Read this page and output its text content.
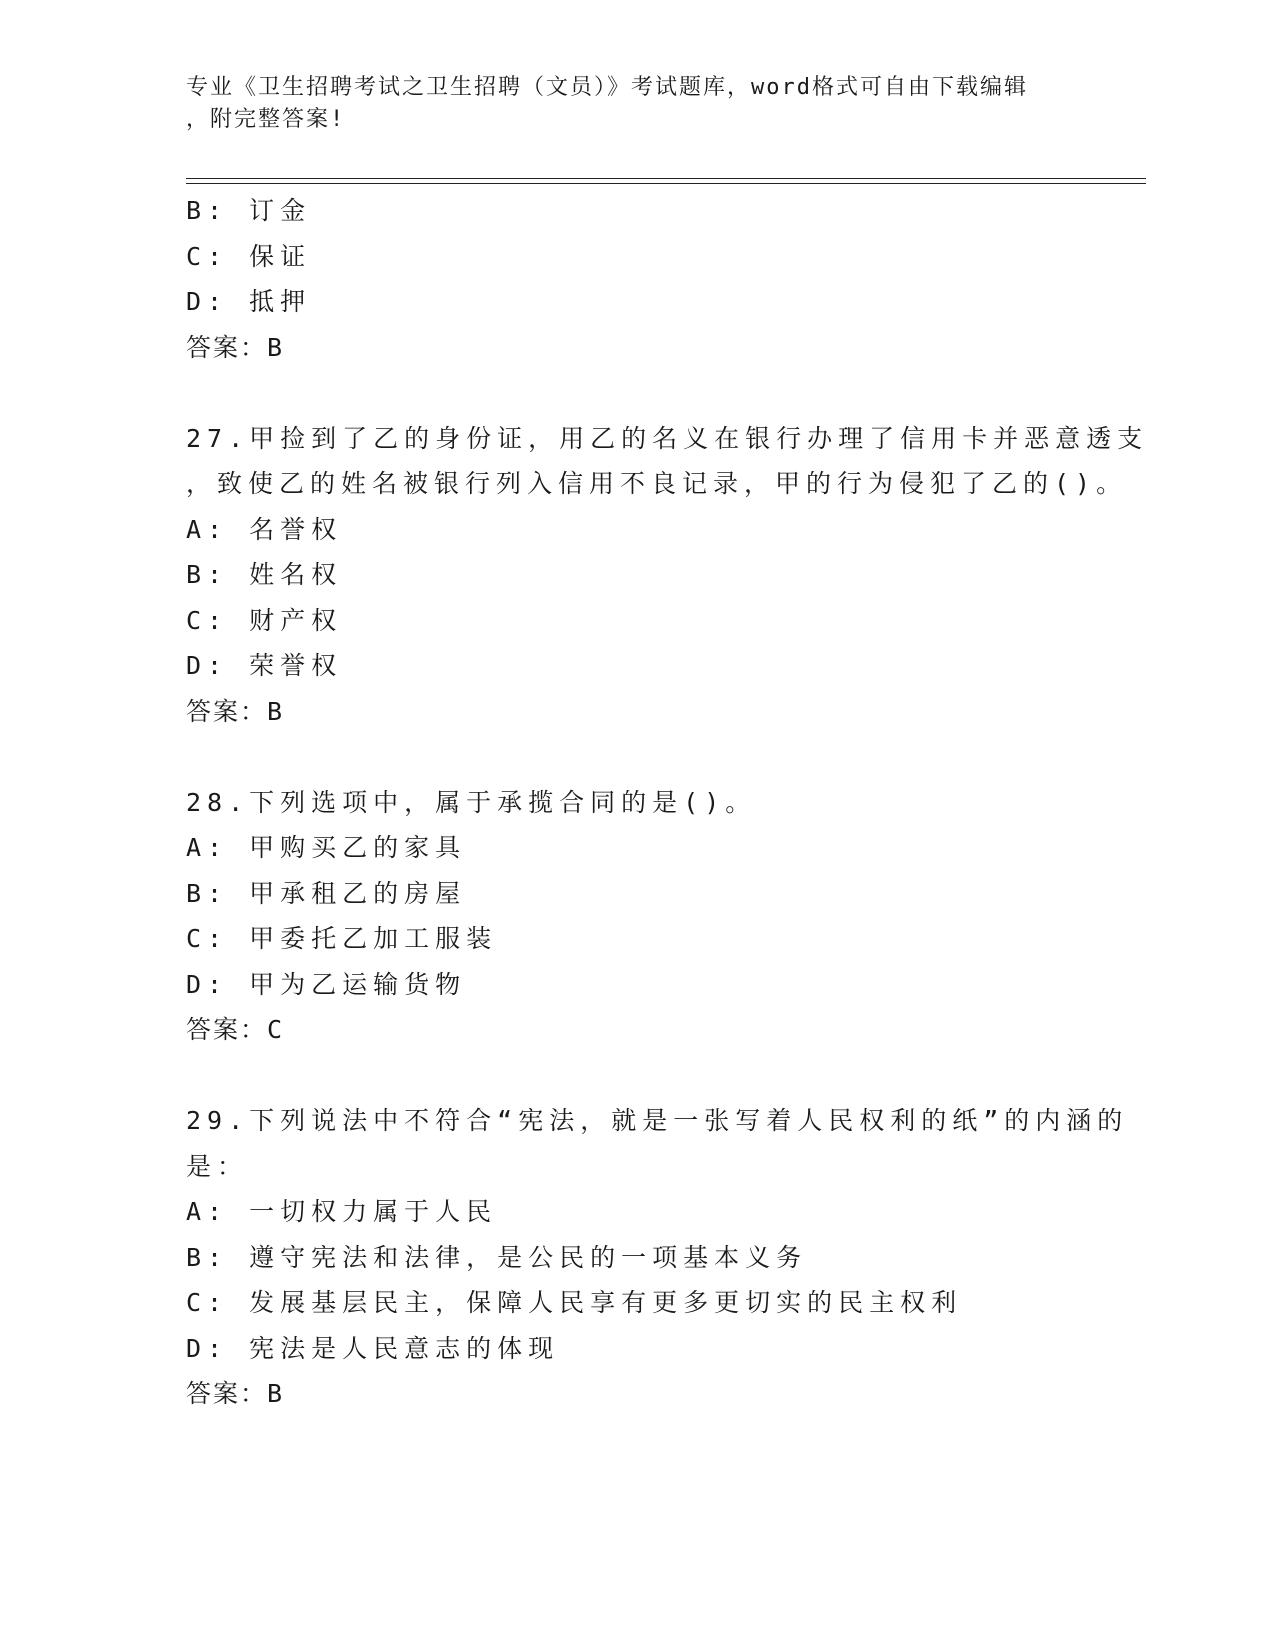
专业《卫生招聘考试之卫生招聘（文员）》考试题库，word格式可自由下载编辑
，附完整答案!
B: 订金
C: 保证
D: 抵押
答案：B
27.甲捡到了乙的身份证，用乙的名义在银行办理了信用卡并恶意透支
，致使乙的姓名被银行列入信用不良记录，甲的行为侵犯了乙的()。
A: 名誉权
B: 姓名权
C: 财产权
D: 荣誉权
答案：B
28.下列选项中，属于承揽合同的是()。
A: 甲购买乙的家具
B: 甲承租乙的房屋
C: 甲委托乙加工服装
D: 甲为乙运输货物
答案：C
29.下列说法中不符合“宪法，就是一张写着人民权利的纸”的内涵的
是：
A: 一切权力属于人民
B: 遵守宪法和法律，是公民的一项基本义务
C: 发展基层民主，保障人民享有更多更切实的民主权利
D: 宪法是人民意志的体现
答案：B
